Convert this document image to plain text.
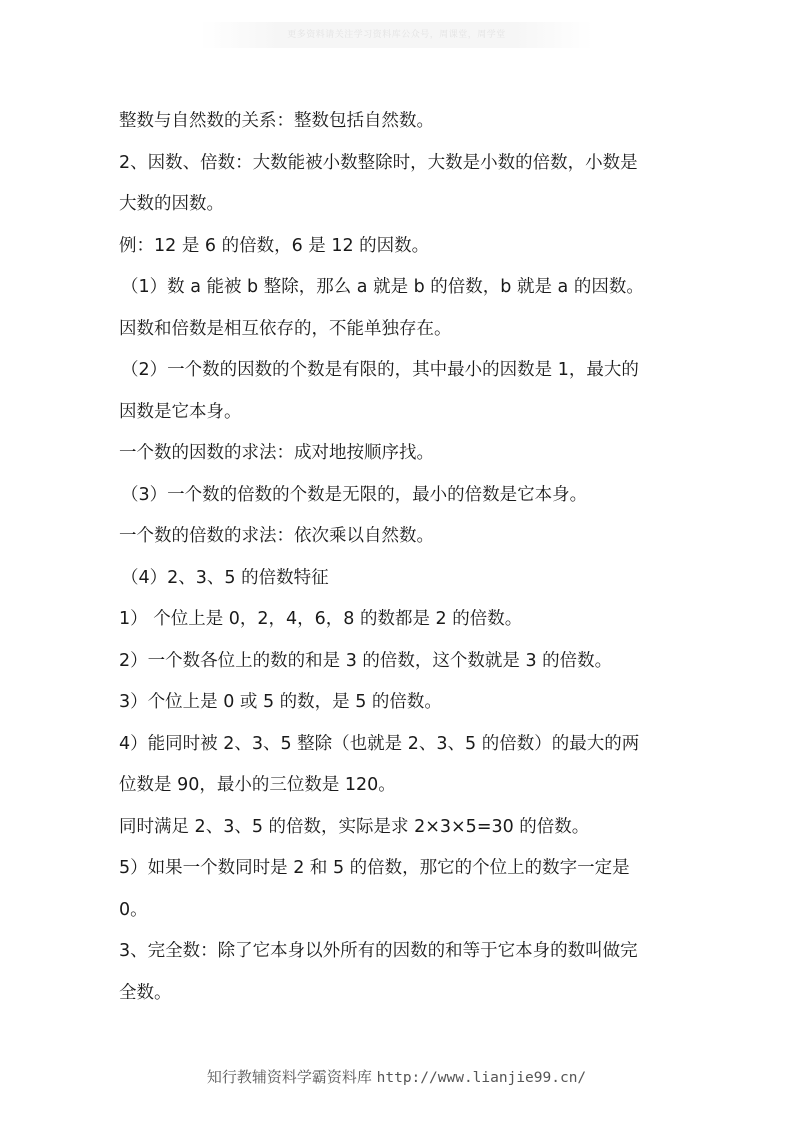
更多资料请关注学习资料库公众号，周课堂，周学堂

整数与自然数的关系：整数包括自然数。

2、因数、倍数：大数能被小数整除时，大数是小数的倍数，小数是

大数的因数。

例：12 是 6 的倍数，6 是 12 的因数。

（1）数 a 能被 b 整除，那么 a 就是 b 的倍数，b 就是 a 的因数。

因数和倍数是相互依存的，不能单独存在。

（2）一个数的因数的个数是有限的，其中最小的因数是 1，最大的

因数是它本身。

一个数的因数的求法：成对地按顺序找。

（3）一个数的倍数的个数是无限的，最小的倍数是它本身。

一个数的倍数的求法：依次乘以自然数。

（4）2、3、5 的倍数特征

1） 个位上是 0，2，4，6，8 的数都是 2 的倍数。

2）一个数各位上的数的和是 3 的倍数，这个数就是 3 的倍数。

3）个位上是 0 或 5 的数，是 5 的倍数。

4）能同时被 2、3、5 整除（也就是 2、3、5 的倍数）的最大的两

位数是 90，最小的三位数是 120。

同时满足 2、3、5 的倍数，实际是求 2×3×5=30 的倍数。

5）如果一个数同时是 2 和 5 的倍数，那它的个位上的数字一定是

0。

3、完全数：除了它本身以外所有的因数的和等于它本身的数叫做完

全数。

知行教辅资料学霸资料库 http://www.lianjie99.cn/
